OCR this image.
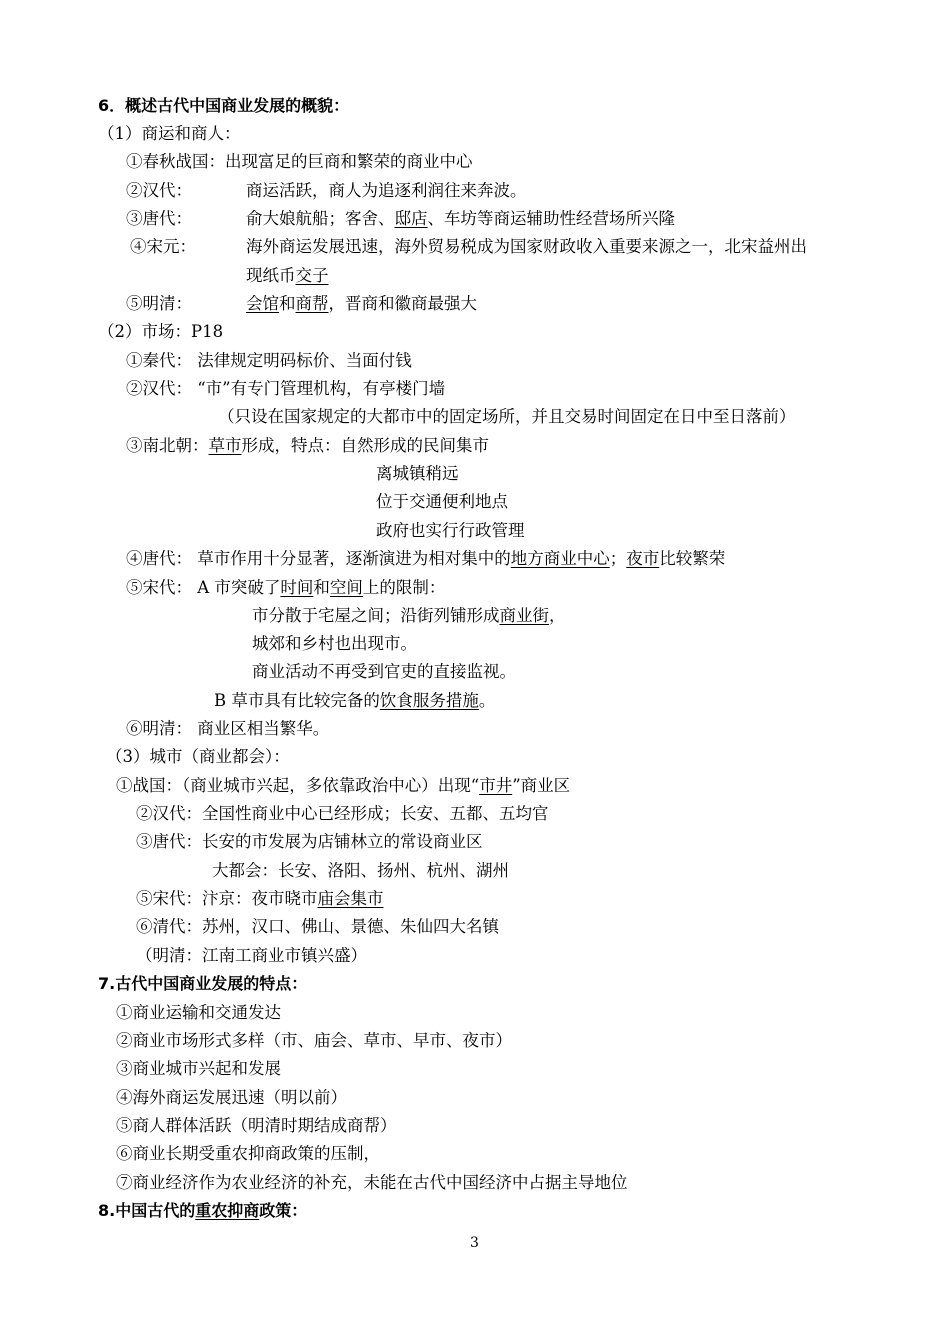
6．概述古代中国商业发展的概貌：
（1）商运和商人：
①春秋战国：出现富足的巨商和繁荣的商业中心
②汉代：	商运活跃，商人为追逐利润往来奔波。
③唐代：	俞大娘航船；客舍、邸店、车坊等商运辅助性经营场所兴隆
④宋元：	海外商运发展迅速，海外贸易税成为国家财政收入重要来源之一，北宋益州出
现纸币交子
⑤明清：	会馆和商帮，晋商和徽商最强大
（2）市场：P18
①秦代： 法律规定明码标价、当面付钱
②汉代： “市”有专门管理机构，有亭楼门墙
（只设在国家规定的大都市中的固定场所，并且交易时间固定在日中至日落前）
③南北朝：草市形成，特点：自然形成的民间集市
离城镇稍远
位于交通便利地点
政府也实行行政管理
④唐代： 草市作用十分显著，逐渐演进为相对集中的地方商业中心；夜市比较繁荣
⑤宋代： A 市突破了时间和空间上的限制：
市分散于宅屋之间；沿街列铺形成商业街，
城郊和乡村也出现市。
商业活动不再受到官吏的直接监视。
B 草市具有比较完备的饮食服务措施。
⑥明清： 商业区相当繁华。
（3）城市（商业都会）：
①战国：（商业城市兴起，多依靠政治中心）出现“市井”商业区
②汉代：全国性商业中心已经形成；长安、五都、五均官
③唐代：长安的市发展为店铺林立的常设商业区
大都会：长安、洛阳、扬州、杭州、湖州
⑤宋代：汴京：夜市晓市庙会集市
⑥清代：苏州，汉口、佛山、景德、朱仙四大名镇
（明清：江南工商业市镇兴盛）
7.古代中国商业发展的特点：
①商业运输和交通发达
②商业市场形式多样（市、庙会、草市、早市、夜市）
③商业城市兴起和发展
④海外商运发展迅速（明以前）
⑤商人群体活跃（明清时期结成商帮）
⑥商业长期受重农抑商政策的压制，
⑦商业经济作为农业经济的补充，未能在古代中国经济中占据主导地位
8.中国古代的重农抑商政策：
3
